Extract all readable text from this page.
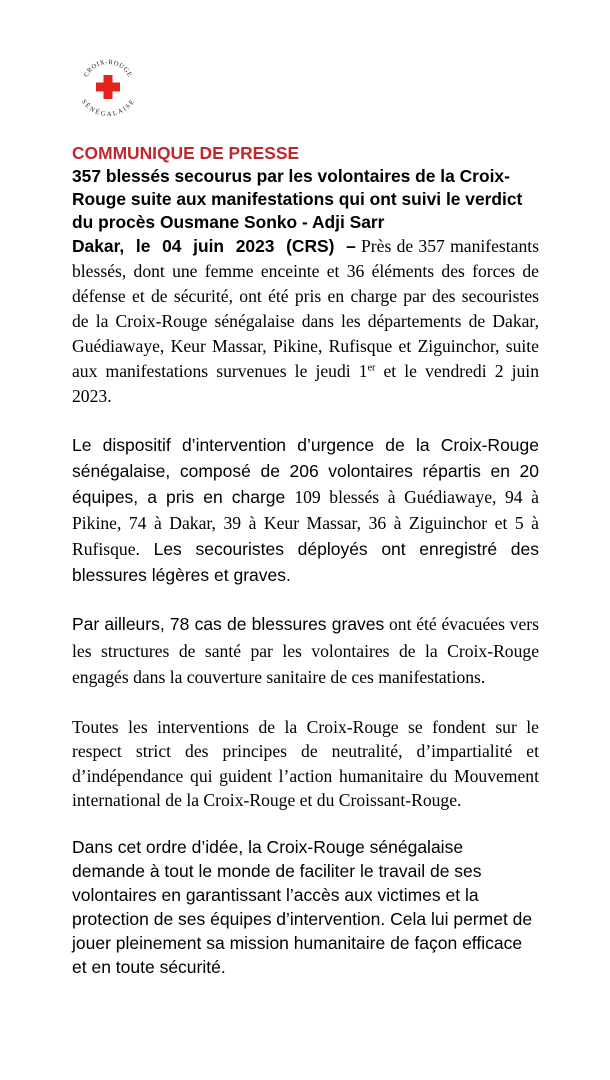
CROIX-ROUGE
SÉNÉGALAISE
COMMUNIQUE DE PRESSE
357 blessés secourus par les volontaires de la Croix-Rouge suite aux manifestations qui ont suivi le verdict du procès Ousmane Sonko - Adji Sarr

Dakar, le 04 juin 2023 (CRS) – Près de 357 manifestants blessés, dont une femme enceinte et 36 éléments des forces de défense et de sécurité, ont été pris en charge par des secouristes de la Croix-Rouge sénégalaise dans les départements de Dakar, Guédiawaye, Keur Massar, Pikine, Rufisque et Ziguinchor, suite aux manifestations survenues le jeudi 1er et le vendredi 2 juin 2023.

Le dispositif d’intervention d’urgence de la Croix-Rouge sénégalaise, composé de 206 volontaires répartis en 20 équipes, a pris en charge 109 blessés à Guédiawaye, 94 à Pikine, 74 à Dakar, 39 à Keur Massar, 36 à Ziguinchor et 5 à Rufisque. Les secouristes déployés ont enregistré des blessures légères et graves.

Par ailleurs, 78 cas de blessures graves ont été évacuées vers les structures de santé par les volontaires de la Croix-Rouge engagés dans la couverture sanitaire de ces manifestations.

Toutes les interventions de la Croix-Rouge se fondent sur le respect strict des principes de neutralité, d’impartialité et d’indépendance qui guident l’action humanitaire du Mouvement international de la Croix-Rouge et du Croissant-Rouge.

Dans cet ordre d’idée, la Croix-Rouge sénégalaise demande à tout le monde de faciliter le travail de ses volontaires en garantissant l’accès aux victimes et la protection de ses équipes d’intervention. Cela lui permet de jouer pleinement sa mission humanitaire de façon efficace et en toute sécurité.
